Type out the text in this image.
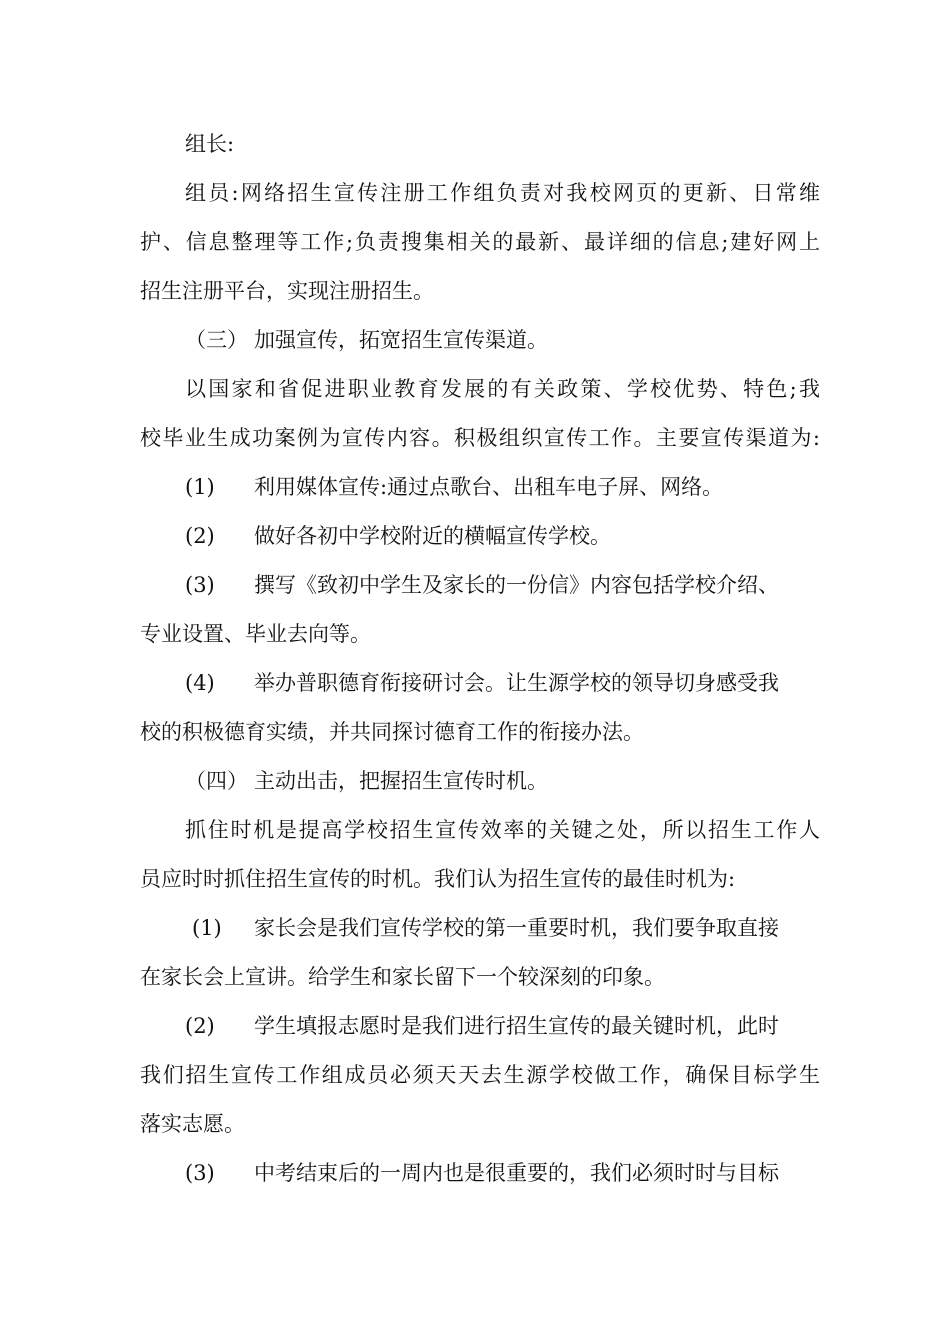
组长:
组员:网络招生宣传注册工作组负责对我校网页的更新、日常维
护、信息整理等工作;负责搜集相关的最新、最详细的信息;建好网上
招生注册平台，实现注册招生。
（三） 加强宣传，拓宽招生宣传渠道。
以国家和省促进职业教育发展的有关政策、学校优势、特色;我
校毕业生成功案例为宣传内容。积极组织宣传工作。主要宣传渠道为:
(1)	利用媒体宣传:通过点歌台、出租车电子屏、网络。
(2)	做好各初中学校附近的横幅宣传学校。
(3)	撰写《致初中学生及家长的一份信》内容包括学校介绍、
专业设置、毕业去向等。
(4)	举办普职德育衔接研讨会。让生源学校的领导切身感受我
校的积极德育实绩，并共同探讨德育工作的衔接办法。
（四） 主动出击，把握招生宣传时机。
抓住时机是提高学校招生宣传效率的关键之处，所以招生工作人
员应时时抓住招生宣传的时机。我们认为招生宣传的最佳时机为:
(1)	家长会是我们宣传学校的第一重要时机，我们要争取直接
在家长会上宣讲。给学生和家长留下一个较深刻的印象。
(2)	学生填报志愿时是我们进行招生宣传的最关键时机，此时
我们招生宣传工作组成员必须天天去生源学校做工作，确保目标学生
落实志愿。
(3)	中考结束后的一周内也是很重要的，我们必须时时与目标
